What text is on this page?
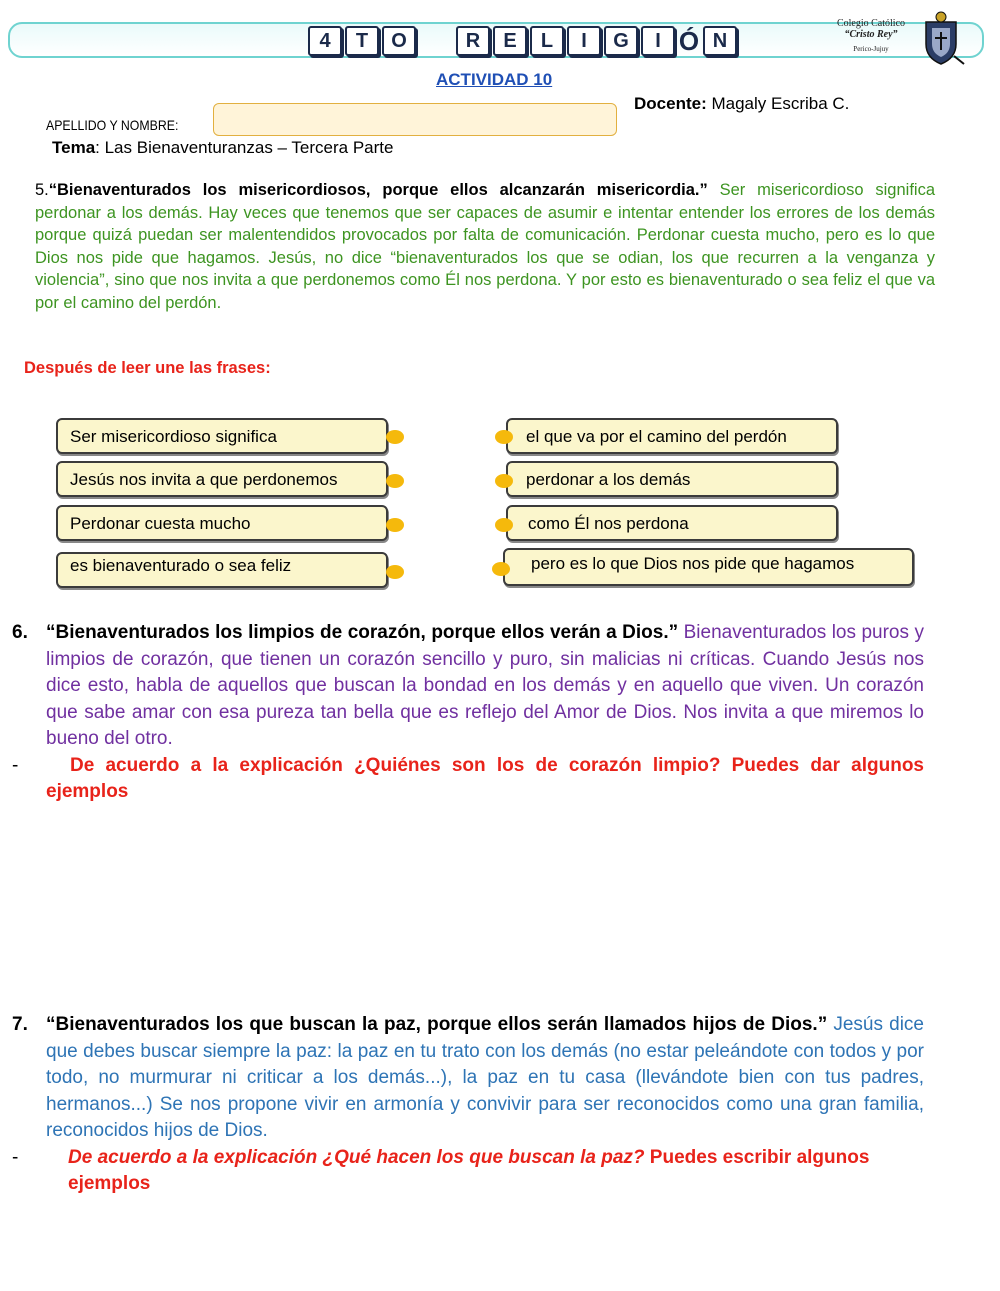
4	T	O	R	E	L	I	G	I Ó N
Colegio Católico
“Cristo Rey”
Perico-Jujuy
ACTIVIDAD 10
Docente: Magaly Escriba C.
APELLIDO Y NOMBRE:
Tema: Las Bienaventuranzas – Tercera Parte
5.“Bienaventurados los misericordiosos, porque ellos alcanzarán misericordia.” Ser misericordioso significa perdonar a los demás. Hay veces que tenemos que ser capaces de asumir e intentar entender los errores de los demás porque quizá puedan ser malentendidos provocados por falta de comunicación. Perdonar cuesta mucho, pero es lo que Dios nos pide que hagamos. Jesús, no dice “bienaventurados los que se odian, los que recurren a la venganza y violencia”, sino que nos invita a que perdonemos como Él nos perdona. Y por esto es bienaventurado o sea feliz el que va por el camino del perdón.
Después de leer une las frases:
Ser misericordioso significa
Jesús nos invita a que perdonemos
Perdonar cuesta mucho
es bienaventurado o sea feliz
el que va por el camino del perdón
perdonar a los demás
como Él nos perdona
pero es lo que Dios nos pide que hagamos
6. “Bienaventurados los limpios de corazón, porque ellos verán a Dios.” Bienaventurados los puros y limpios de corazón, que tienen un corazón sencillo y puro, sin malicias ni críticas. Cuando Jesús nos dice esto, habla de aquellos que buscan la bondad en los demás y en aquello que viven. Un corazón que sabe amar con esa pureza tan bella que es reflejo del Amor de Dios. Nos invita a que miremos lo bueno del otro.
-	De acuerdo a la explicación ¿Quiénes son los de corazón limpio? Puedes dar algunos ejemplos
7. “Bienaventurados los que buscan la paz, porque ellos serán llamados hijos de Dios.” Jesús dice que debes buscar siempre la paz: la paz en tu trato con los demás (no estar peleándote con todos y por todo, no murmurar ni criticar a los demás...), la paz en tu casa (llevándote bien con tus padres, hermanos...) Se nos propone vivir en armonía y convivir para ser reconocidos como una gran familia, reconocidos hijos de Dios.
-	De acuerdo a la explicación ¿Qué hacen los que buscan la paz? Puedes escribir algunos ejemplos
